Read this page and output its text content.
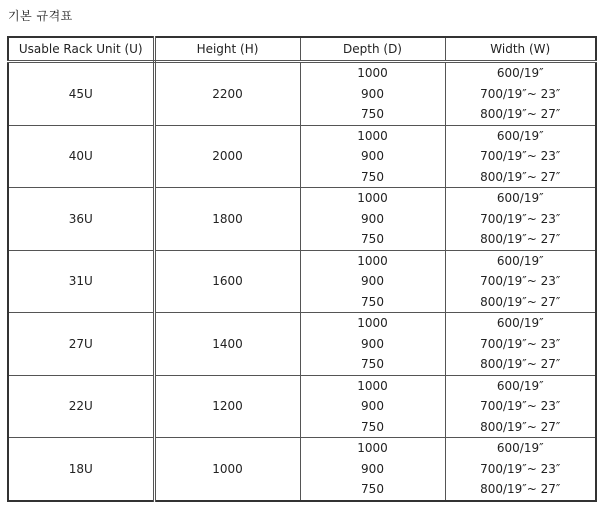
기본 규격표
Usable Rack Unit (U)	Height (H)	Depth (D)	Width (W)
45U	2200	1000	600/19″
		900	700/19″~ 23″
		750	800/19″~ 27″
40U	2000	1000	600/19″
		900	700/19″~ 23″
		750	800/19″~ 27″
36U	1800	1000	600/19″
		900	700/19″~ 23″
		750	800/19″~ 27″
31U	1600	1000	600/19″
		900	700/19″~ 23″
		750	800/19″~ 27″
27U	1400	1000	600/19″
		900	700/19″~ 23″
		750	800/19″~ 27″
22U	1200	1000	600/19″
		900	700/19″~ 23″
		750	800/19″~ 27″
18U	1000	1000	600/19″
		900	700/19″~ 23″
		750	800/19″~ 27″
